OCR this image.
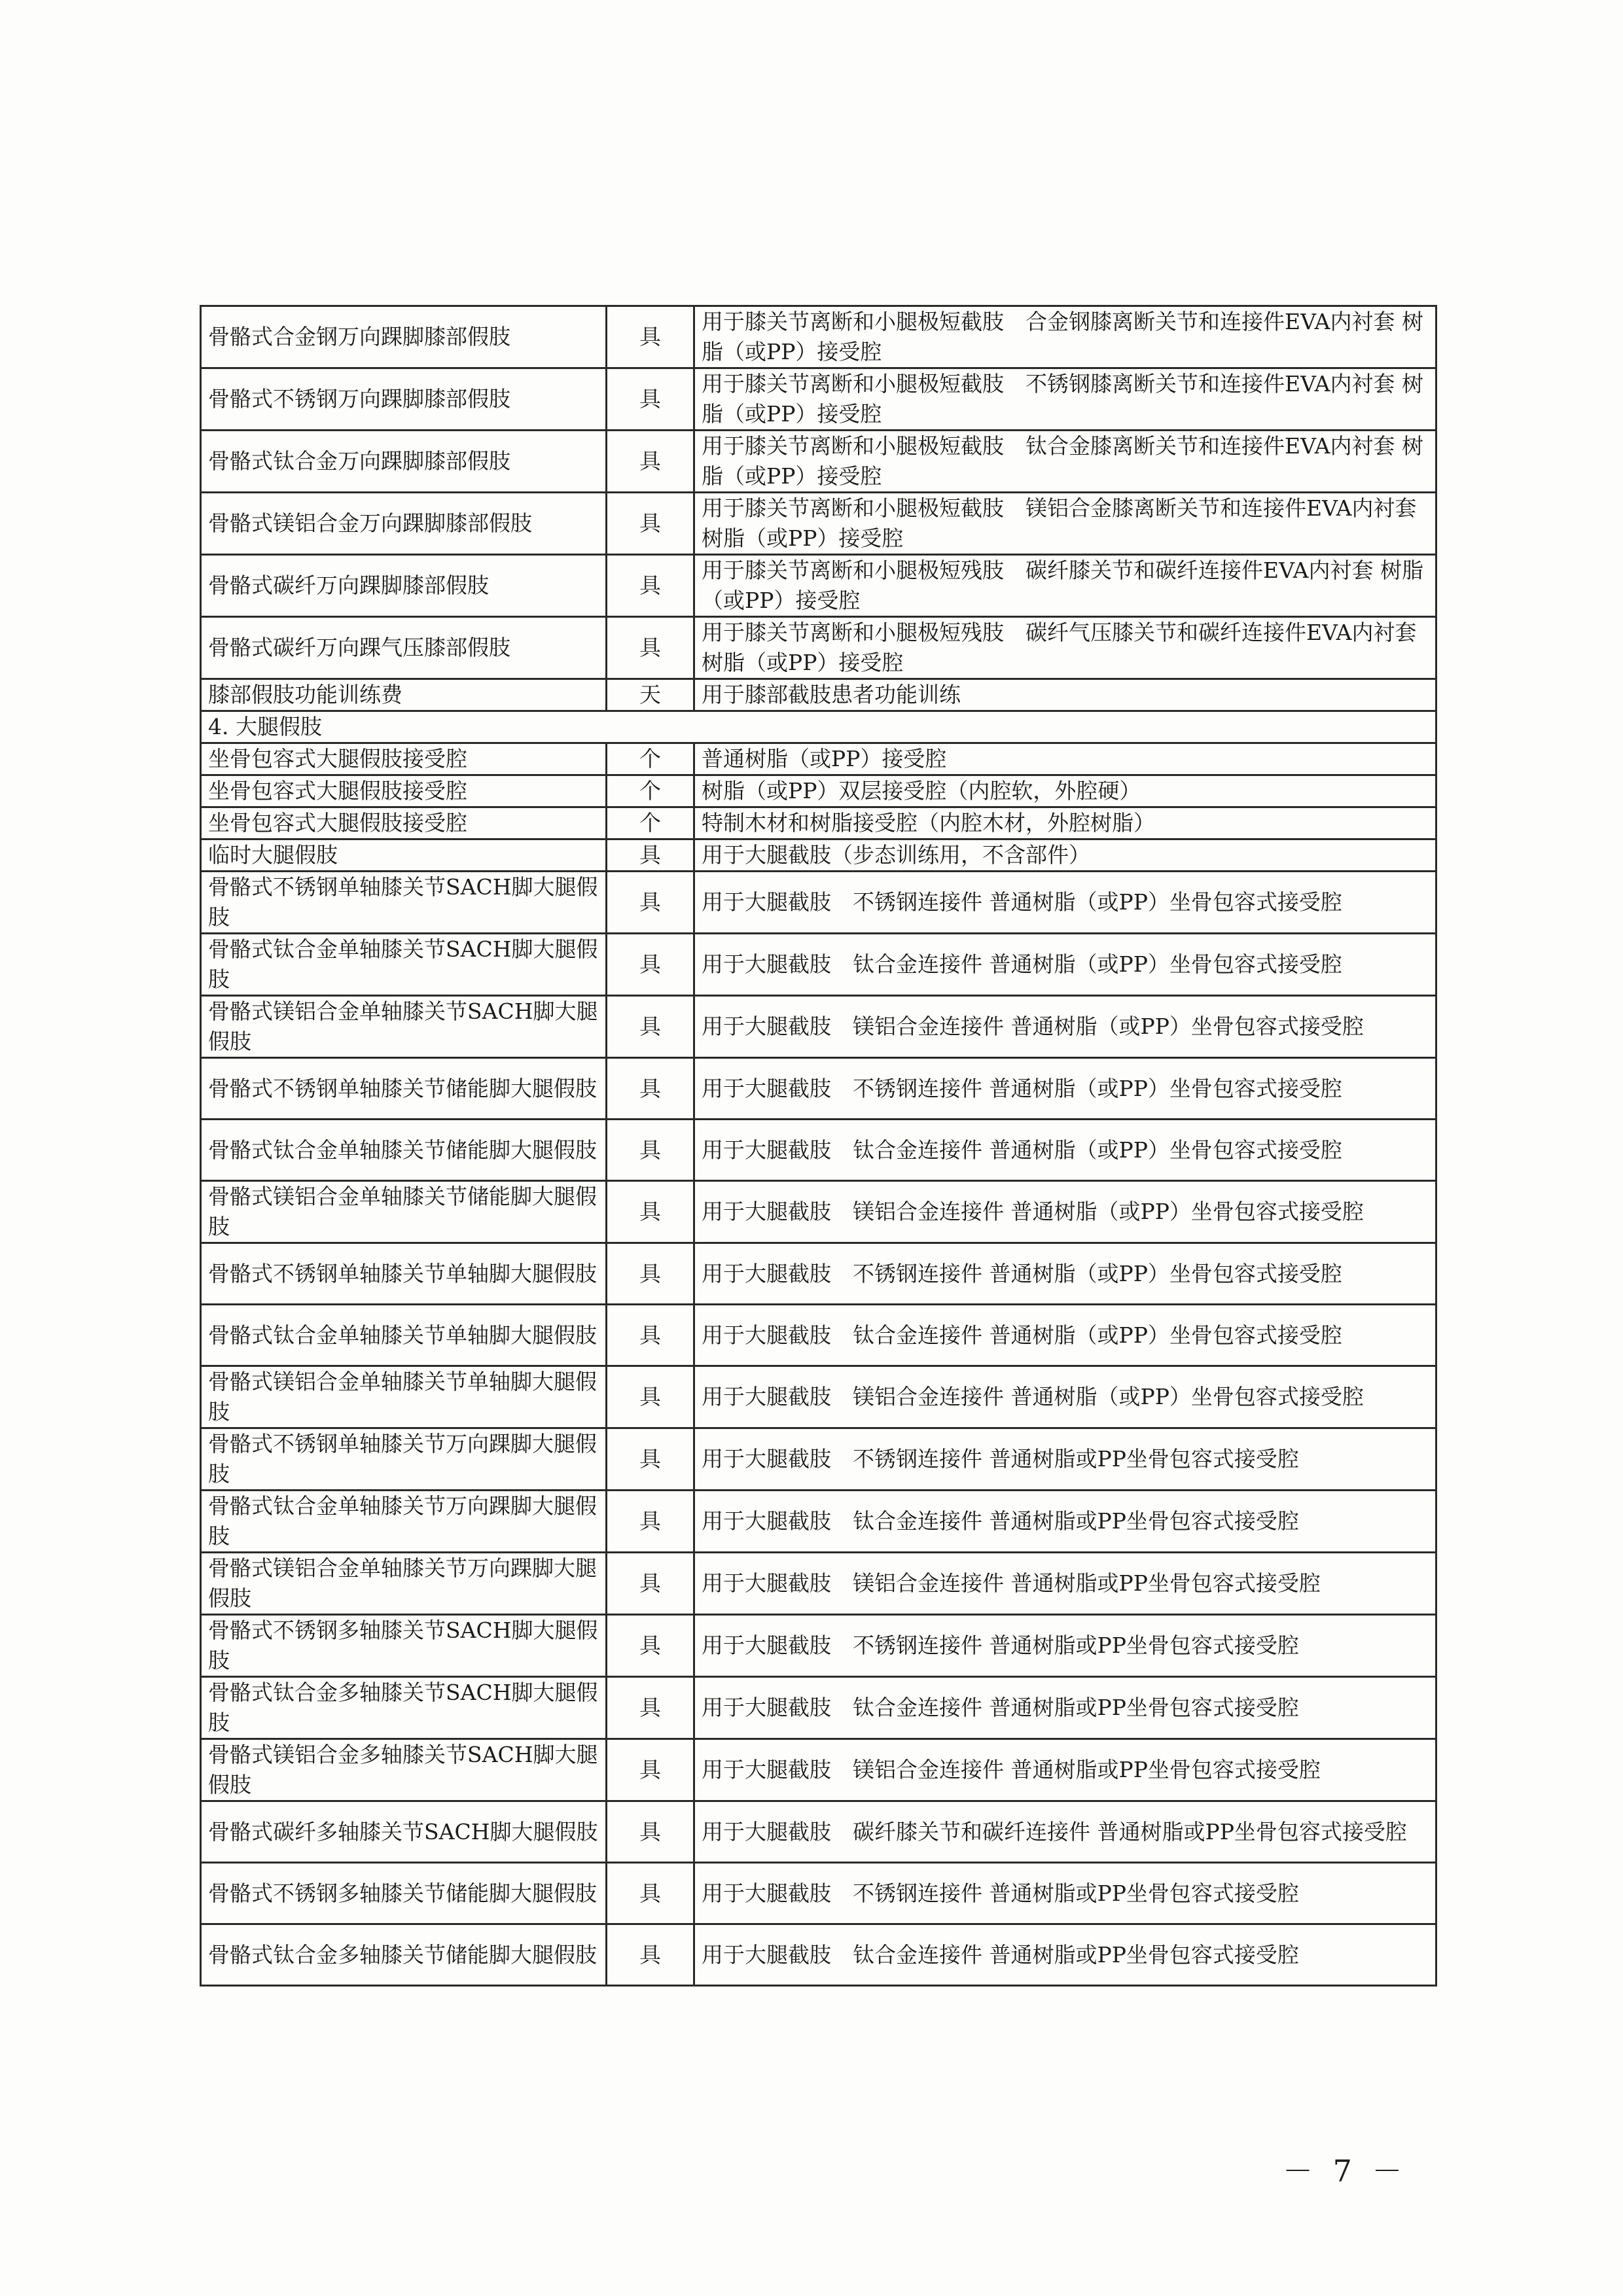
骨骼式合金钢万向踝脚膝部假肢	具	用于膝关节离断和小腿极短截肢　合金钢膝离断关节和连接件EVA内衬套 树脂（或PP）接受腔
骨骼式不锈钢万向踝脚膝部假肢	具	用于膝关节离断和小腿极短截肢　不锈钢膝离断关节和连接件EVA内衬套 树脂（或PP）接受腔
骨骼式钛合金万向踝脚膝部假肢	具	用于膝关节离断和小腿极短截肢　钛合金膝离断关节和连接件EVA内衬套 树脂（或PP）接受腔
骨骼式镁铝合金万向踝脚膝部假肢	具	用于膝关节离断和小腿极短截肢　镁铝合金膝离断关节和连接件EVA内衬套 树脂（或PP）接受腔
骨骼式碳纤万向踝脚膝部假肢	具	用于膝关节离断和小腿极短残肢　碳纤膝关节和碳纤连接件EVA内衬套 树脂（或PP）接受腔
骨骼式碳纤万向踝气压膝部假肢	具	用于膝关节离断和小腿极短残肢　碳纤气压膝关节和碳纤连接件EVA内衬套 树脂（或PP）接受腔
膝部假肢功能训练费	天	用于膝部截肢患者功能训练
4. 大腿假肢		
坐骨包容式大腿假肢接受腔	个	普通树脂（或PP）接受腔
坐骨包容式大腿假肢接受腔	个	树脂（或PP）双层接受腔（内腔软，外腔硬）
坐骨包容式大腿假肢接受腔	个	特制木材和树脂接受腔（内腔木材，外腔树脂）
临时大腿假肢	具	用于大腿截肢（步态训练用，不含部件）
骨骼式不锈钢单轴膝关节SACH脚大腿假肢	具	用于大腿截肢　不锈钢连接件 普通树脂（或PP）坐骨包容式接受腔
骨骼式钛合金单轴膝关节SACH脚大腿假肢	具	用于大腿截肢　钛合金连接件 普通树脂（或PP）坐骨包容式接受腔
骨骼式镁铝合金单轴膝关节SACH脚大腿假肢	具	用于大腿截肢　镁铝合金连接件 普通树脂（或PP）坐骨包容式接受腔
骨骼式不锈钢单轴膝关节储能脚大腿假肢	具	用于大腿截肢　不锈钢连接件 普通树脂（或PP）坐骨包容式接受腔
骨骼式钛合金单轴膝关节储能脚大腿假肢	具	用于大腿截肢　钛合金连接件 普通树脂（或PP）坐骨包容式接受腔
骨骼式镁铝合金单轴膝关节储能脚大腿假肢	具	用于大腿截肢　镁铝合金连接件 普通树脂（或PP）坐骨包容式接受腔
骨骼式不锈钢单轴膝关节单轴脚大腿假肢	具	用于大腿截肢　不锈钢连接件 普通树脂（或PP）坐骨包容式接受腔
骨骼式钛合金单轴膝关节单轴脚大腿假肢	具	用于大腿截肢　钛合金连接件 普通树脂（或PP）坐骨包容式接受腔
骨骼式镁铝合金单轴膝关节单轴脚大腿假肢	具	用于大腿截肢　镁铝合金连接件 普通树脂（或PP）坐骨包容式接受腔
骨骼式不锈钢单轴膝关节万向踝脚大腿假肢	具	用于大腿截肢　不锈钢连接件 普通树脂或PP坐骨包容式接受腔
骨骼式钛合金单轴膝关节万向踝脚大腿假肢	具	用于大腿截肢　钛合金连接件 普通树脂或PP坐骨包容式接受腔
骨骼式镁铝合金单轴膝关节万向踝脚大腿假肢	具	用于大腿截肢　镁铝合金连接件 普通树脂或PP坐骨包容式接受腔
骨骼式不锈钢多轴膝关节SACH脚大腿假肢	具	用于大腿截肢　不锈钢连接件 普通树脂或PP坐骨包容式接受腔
骨骼式钛合金多轴膝关节SACH脚大腿假肢	具	用于大腿截肢　钛合金连接件 普通树脂或PP坐骨包容式接受腔
骨骼式镁铝合金多轴膝关节SACH脚大腿假肢	具	用于大腿截肢　镁铝合金连接件 普通树脂或PP坐骨包容式接受腔
骨骼式碳纤多轴膝关节SACH脚大腿假肢	具	用于大腿截肢　碳纤膝关节和碳纤连接件 普通树脂或PP坐骨包容式接受腔
骨骼式不锈钢多轴膝关节储能脚大腿假肢	具	用于大腿截肢　不锈钢连接件 普通树脂或PP坐骨包容式接受腔
骨骼式钛合金多轴膝关节储能脚大腿假肢	具	用于大腿截肢　钛合金连接件 普通树脂或PP坐骨包容式接受腔
－ 7 －
